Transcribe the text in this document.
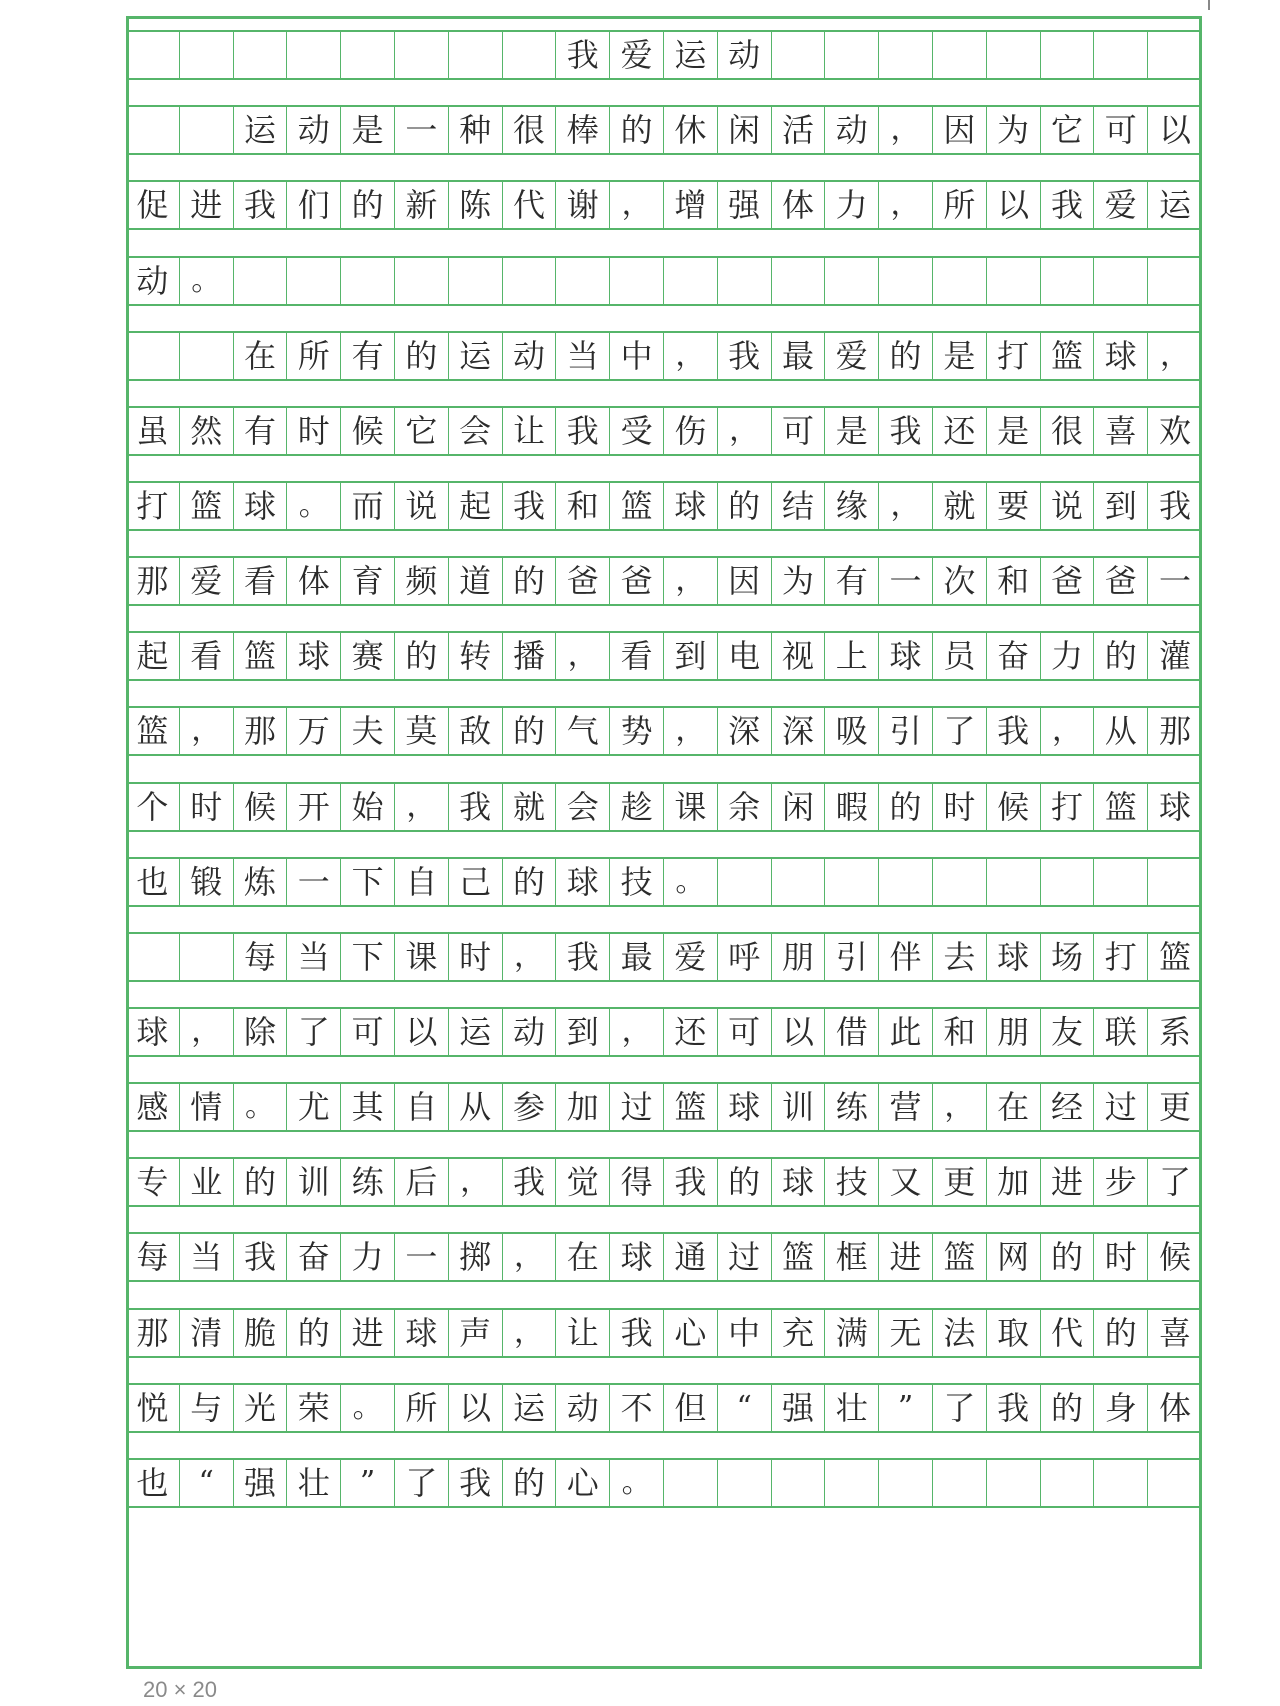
我 爱 运 动
运 动 是 一 种 很 棒 的 休 闲 活 动 ， 因 为 它 可 以
促 进 我 们 的 新 陈 代 谢 ， 增 强 体 力 ， 所 以 我 爱 运
动 。
在 所 有 的 运 动 当 中 ， 我 最 爱 的 是 打 篮 球 ，
虽 然 有 时 候 它 会 让 我 受 伤 ， 可 是 我 还 是 很 喜 欢
打 篮 球 。 而 说 起 我 和 篮 球 的 结 缘 ， 就 要 说 到 我
那 爱 看 体 育 频 道 的 爸 爸 ， 因 为 有 一 次 和 爸 爸 一
起 看 篮 球 赛 的 转 播 ， 看 到 电 视 上 球 员 奋 力 的 灌
篮 ， 那 万 夫 莫 敌 的 气 势 ， 深 深 吸 引 了 我 ， 从 那
个 时 候 开 始 ， 我 就 会 趁 课 余 闲 暇 的 时 候 打 篮 球
也 锻 炼 一 下 自 己 的 球 技 。
每 当 下 课 时 ， 我 最 爱 呼 朋 引 伴 去 球 场 打 篮
球 ， 除 了 可 以 运 动 到 ， 还 可 以 借 此 和 朋 友 联 系
感 情 。 尤 其 自 从 参 加 过 篮 球 训 练 营 ， 在 经 过 更
专 业 的 训 练 后 ， 我 觉 得 我 的 球 技 又 更 加 进 步 了
每 当 我 奋 力 一 掷 ， 在 球 通 过 篮 框 进 篮 网 的 时 候
那 清 脆 的 进 球 声 ， 让 我 心 中 充 满 无 法 取 代 的 喜
悦 与 光 荣 。 所 以 运 动 不 但	“ 强 壮	” 了 我 的 身 体
也	“ 强 壮	” 了 我 的 心 。
20 × 20
